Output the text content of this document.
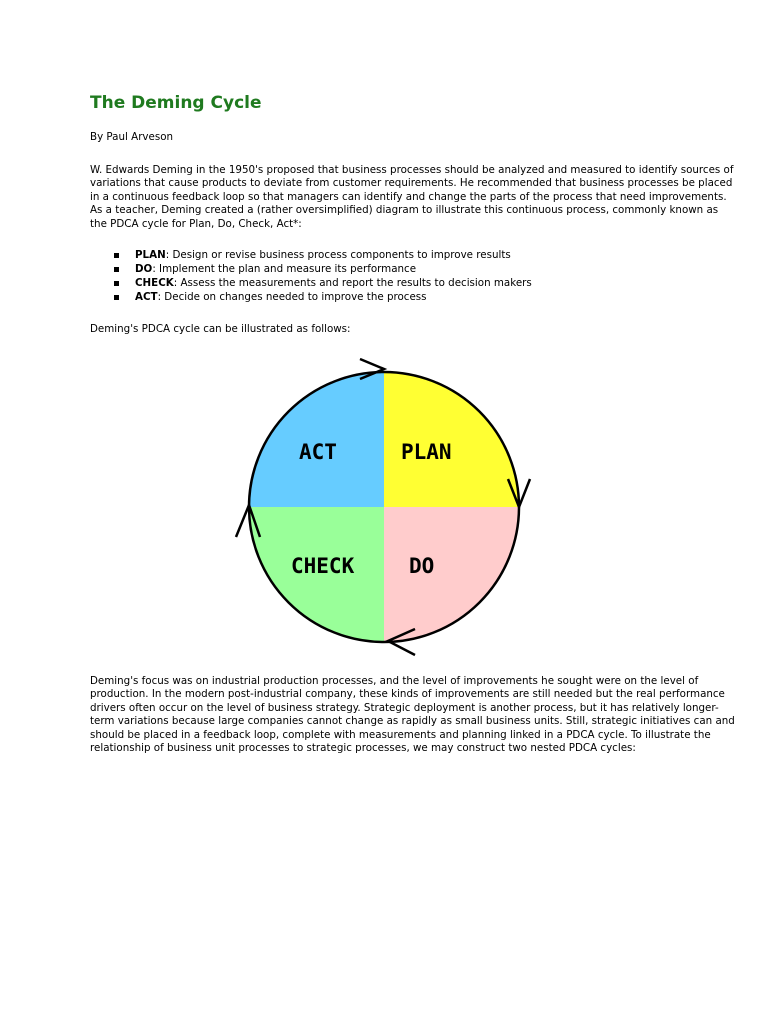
The Deming Cycle

By Paul Arveson

W. Edwards Deming in the 1950's proposed that business processes should be analyzed and measured to identify sources of
variations that cause products to deviate from customer requirements. He recommended that business processes be placed
in a continuous feedback loop so that managers can identify and change the parts of the process that need improvements.
As a teacher, Deming created a (rather oversimplified) diagram to illustrate this continuous process, commonly known as
the PDCA cycle for Plan, Do, Check, Act*:
PLAN: Design or revise business process components to improve results
DO: Implement the plan and measure its performance
CHECK: Assess the measurements and report the results to decision makers
ACT: Decide on changes needed to improve the process

Deming's PDCA cycle can be illustrated as follows:

ACT	PLAN
CHECK	DO
Deming's focus was on industrial production processes, and the level of improvements he sought were on the level of
production. In the modern post-industrial company, these kinds of improvements are still needed but the real performance
drivers often occur on the level of business strategy. Strategic deployment is another process, but it has relatively longer-
term variations because large companies cannot change as rapidly as small business units. Still, strategic initiatives can and
should be placed in a feedback loop, complete with measurements and planning linked in a PDCA cycle. To illustrate the
relationship of business unit processes to strategic processes, we may construct two nested PDCA cycles:
